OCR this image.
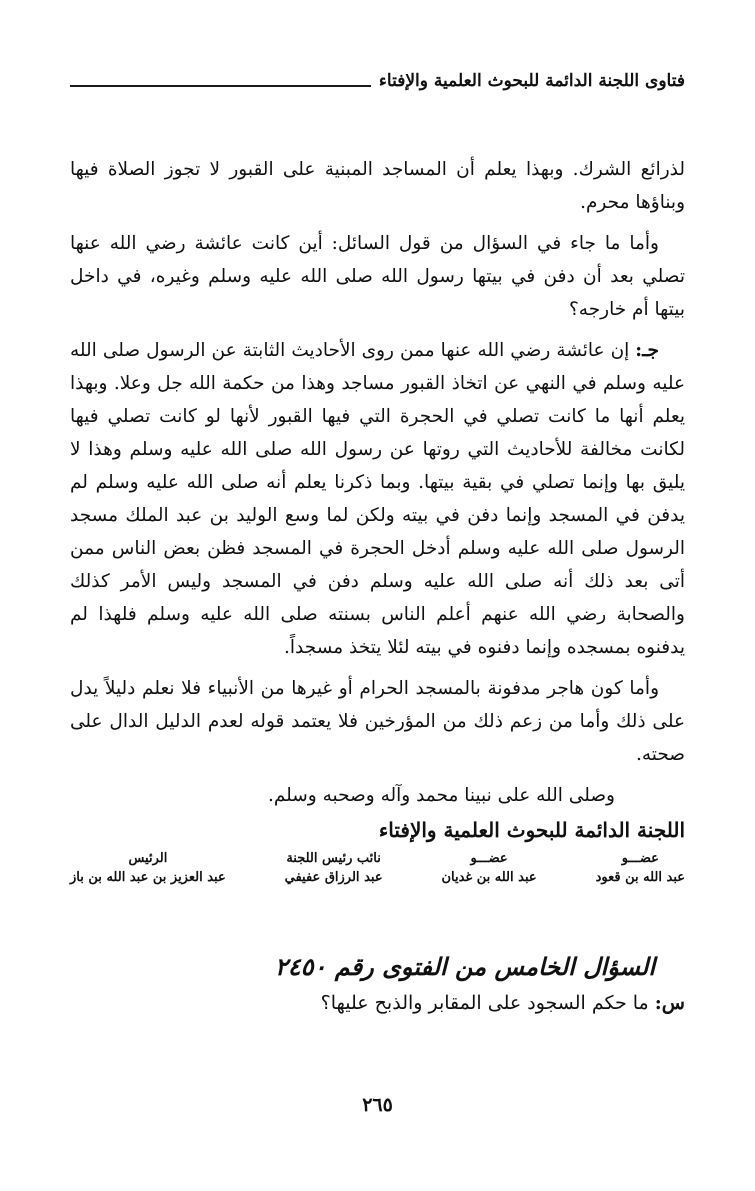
فتاوى اللجنة الدائمة للبحوث العلمية والإفتاء

لذرائع الشرك. وبهذا يعلم أن المساجد المبنية على القبور لا تجوز الصلاة فيها وبناؤها محرم.

وأما ما جاء في السؤال من قول السائل: أين كانت عائشة رضي الله عنها تصلي بعد أن دفن في بيتها رسول الله صلى الله عليه وسلم وغيره، في داخل بيتها أم خارجه؟

جـ: إن عائشة رضي الله عنها ممن روى الأحاديث الثابتة عن الرسول صلى الله عليه وسلم في النهي عن اتخاذ القبور مساجد وهذا من حكمة الله جل وعلا. وبهذا يعلم أنها ما كانت تصلي في الحجرة التي فيها القبور لأنها لو كانت تصلي فيها لكانت مخالفة للأحاديث التي روتها عن رسول الله صلى الله عليه وسلم وهذا لا يليق بها وإنما تصلي في بقية بيتها. وبما ذكرنا يعلم أنه صلى الله عليه وسلم لم يدفن في المسجد وإنما دفن في بيته ولكن لما وسع الوليد بن عبد الملك مسجد الرسول صلى الله عليه وسلم أدخل الحجرة في المسجد فظن بعض الناس ممن أتى بعد ذلك أنه صلى الله عليه وسلم دفن في المسجد وليس الأمر كذلك والصحابة رضي الله عنهم أعلم الناس بسنته صلى الله عليه وسلم فلهذا لم يدفنوه بمسجده وإنما دفنوه في بيته لئلا يتخذ مسجداً.

وأما كون هاجر مدفونة بالمسجد الحرام أو غيرها من الأنبياء فلا نعلم دليلاً يدل على ذلك وأما من زعم ذلك من المؤرخين فلا يعتمد قوله لعدم الدليل الدال على صحته.

وصلى الله على نبينا محمد وآله وصحبه وسلم.

اللجنة الدائمة للبحوث العلمية والإفتاء

عضـــو
عبد الله بن قعود
عضـــو
عبد الله بن غديان
نائب رئيس اللجنة
عبد الرزاق عفيفي
الرئيس
عبد العزيز بن عبد الله بن باز
السؤال الخامس من الفتوى رقم ٢٤٥٠
س: ما حكم السجود على المقابر والذبح عليها؟
٢٦٥
